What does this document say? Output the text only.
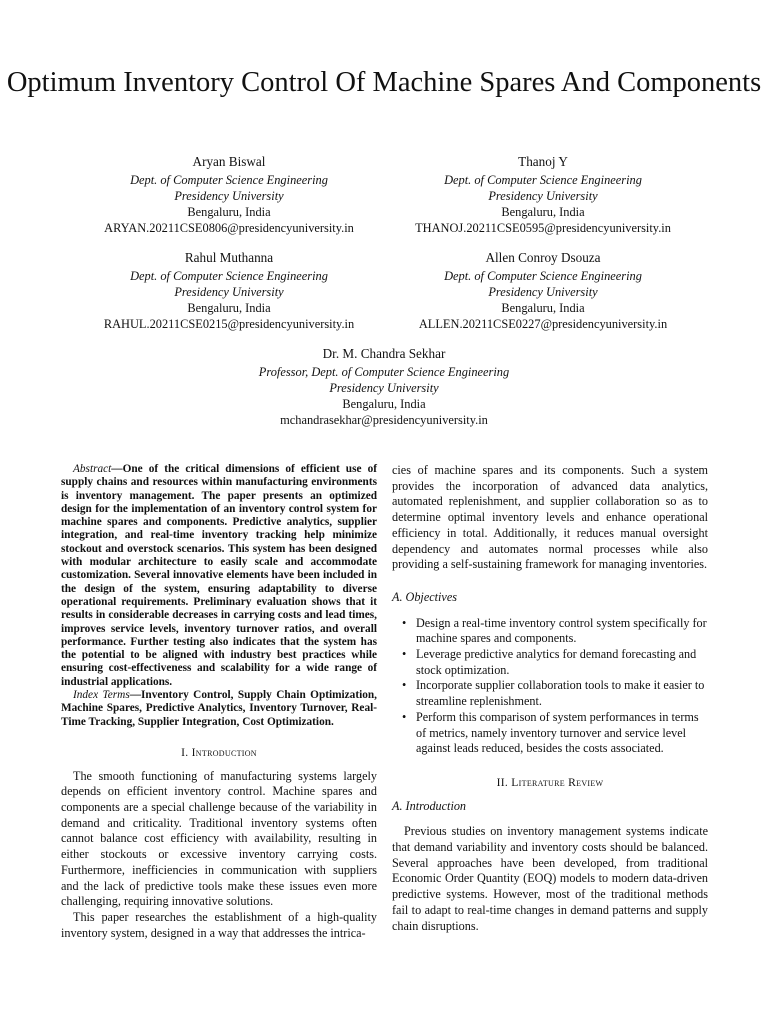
Optimum Inventory Control Of Machine Spares And Components
Aryan Biswal
Dept. of Computer Science Engineering
Presidency University
Bengaluru, India
ARYAN.20211CSE0806@presidencyuniversity.in
Thanoj Y
Dept. of Computer Science Engineering
Presidency University
Bengaluru, India
THANOJ.20211CSE0595@presidencyuniversity.in
Rahul Muthanna
Dept. of Computer Science Engineering
Presidency University
Bengaluru, India
RAHUL.20211CSE0215@presidencyuniversity.in
Allen Conroy Dsouza
Dept. of Computer Science Engineering
Presidency University
Bengaluru, India
ALLEN.20211CSE0227@presidencyuniversity.in
Dr. M. Chandra Sekhar
Professor, Dept. of Computer Science Engineering
Presidency University
Bengaluru, India
mchandrasekhar@presidencyuniversity.in

Abstract—One of the critical dimensions of efficient use of supply chains and resources within manufacturing environments is inventory management. The paper presents an optimized design for the implementation of an inventory control system for machine spares and components. Predictive analytics, supplier integration, and real-time inventory tracking help minimize stockout and overstock scenarios. This system has been designed with modular architecture to easily scale and accommodate customization. Several innovative elements have been included in the design of the system, ensuring adaptability to diverse operational requirements. Preliminary evaluation shows that it results in considerable decreases in carrying costs and lead times, improves service levels, inventory turnover ratios, and overall performance. Further testing also indicates that the system has the potential to be aligned with industry best practices while ensuring cost-effectiveness and scalability for a wide range of industrial applications.

Index Terms—Inventory Control, Supply Chain Optimization, Machine Spares, Predictive Analytics, Inventory Turnover, Real-Time Tracking, Supplier Integration, Cost Optimization.

I. Introduction

The smooth functioning of manufacturing systems largely depends on efficient inventory control. Machine spares and components are a special challenge because of the variability in demand and criticality. Traditional inventory systems often cannot balance cost efficiency with availability, resulting in either stockouts or excessive inventory carrying costs. Furthermore, inefficiencies in communication with suppliers and the lack of predictive tools make these issues even more challenging, requiring innovative solutions.

This paper researches the establishment of a high-quality inventory system, designed in a way that addresses the intrica-

cies of machine spares and its components. Such a system provides the incorporation of advanced data analytics, automated replenishment, and supplier collaboration so as to determine optimal inventory levels and enhance operational efficiency in total. Additionally, it reduces manual oversight dependency and automates normal processes while also providing a self-sustaining framework for managing inventories.

A. Objectives
• Design a real-time inventory control system specifically for machine spares and components.
• Leverage predictive analytics for demand forecasting and stock optimization.
• Incorporate supplier collaboration tools to make it easier to streamline replenishment.
• Perform this comparison of system performances in terms of metrics, namely inventory turnover and service level against leads reduced, besides the costs associated.
II. Literature Review
A. Introduction

Previous studies on inventory management systems indicate that demand variability and inventory costs should be balanced. Several approaches have been developed, from traditional Economic Order Quantity (EOQ) models to modern data-driven predictive systems. However, most of the traditional methods fail to adapt to real-time changes in demand patterns and supply chain disruptions.
